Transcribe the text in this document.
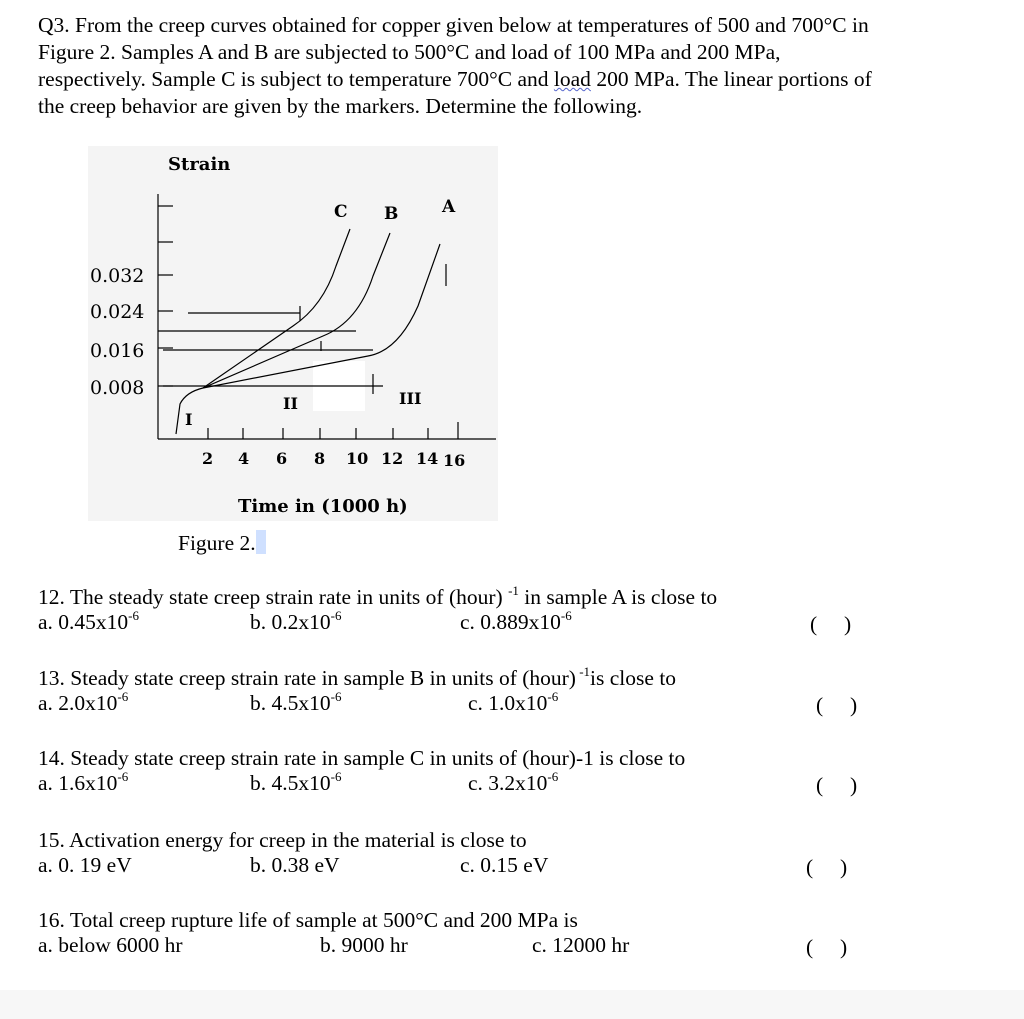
Q3. From the creep curves obtained for copper given below at temperatures of 500 and 700°C in
Figure 2. Samples A and B are subjected to 500°C and load of 100 MPa and 200 MPa,
respectively. Sample C is subject to temperature 700°C and load 200 MPa. The linear portions of
the creep behavior are given by the markers. Determine the following.
0.032
0.024
0.016
0.008
2 4 6 8 10 12 14 16
Strain
Time in (1000 h)
C B	A
I
II	III
Figure 2.
12. The steady state creep strain rate in units of (hour) $^{-1}$ in sample A is close to
a. $0.45x10^{-6}$	b. $0.2x10^{-6}$	c. $0.889x10^{-6}$	(     )
13. Steady state creep strain rate in sample B in units of (hour) $^{-1}$is close to
a. $2.0x10^{-6}$	b. $4.5x10^{-6}$	c. $1.0x10^{-6}$	(     )
14. Steady state creep strain rate in sample C in units of (hour)-1 is close to
a. $1.6x10^{-6}$	b. $4.5x10^{-6}$	c. $3.2x10^{-6}$	(     )
15. Activation energy for creep in the material is close to
a. 0. 19 eV	b. 0.38 eV	c. 0.15 eV	(     )
16. Total creep rupture life of sample at 500°C and 200 MPa is
a. below 6000 hr	b. 9000 hr	c. 12000 hr	(     )
